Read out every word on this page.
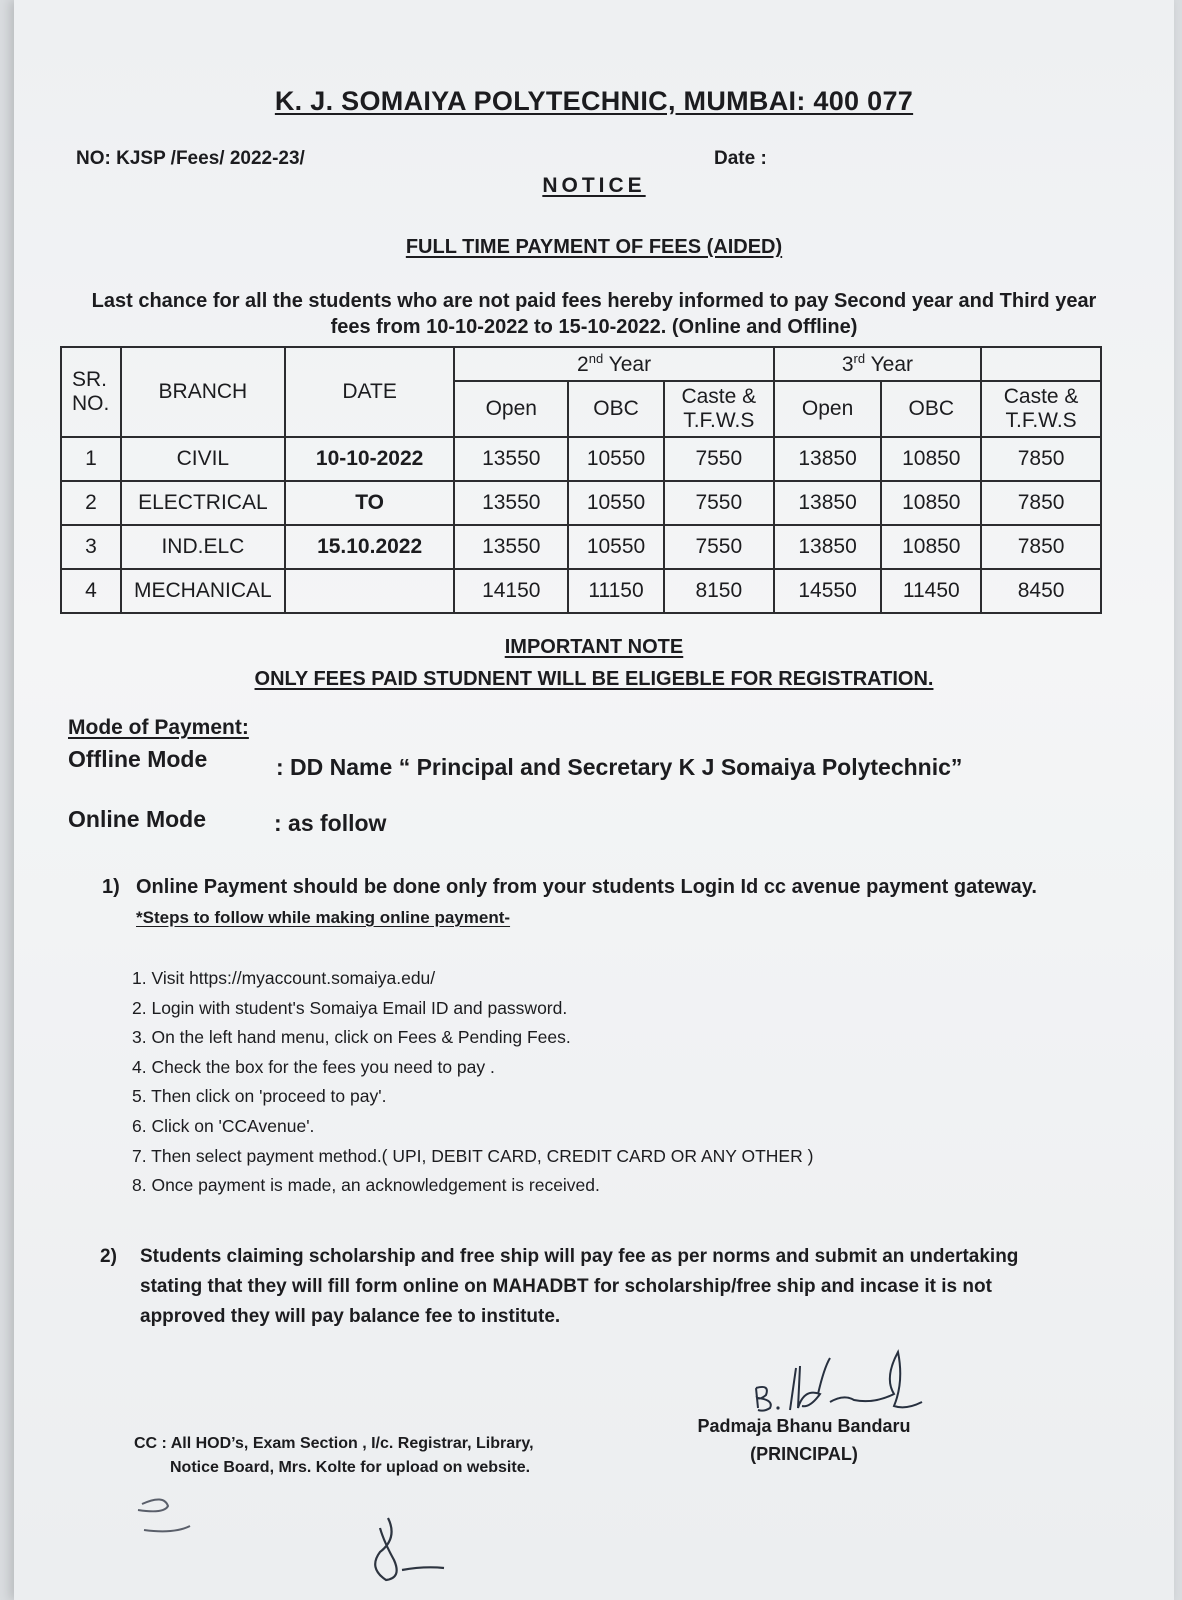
K. J. SOMAIYA POLYTECHNIC, MUMBAI: 400 077
NO: KJSP /Fees/ 2022-23/	Date :
NOTICE
FULL TIME PAYMENT OF FEES (AIDED)
Last chance for all the students who are not paid fees hereby informed to pay Second year and Third year fees from 10-10-2022 to 15-10-2022. (Online and Offline)
SR. NO.	BRANCH	DATE	2nd Year			3rd Year		
			Open	OBC	Caste & T.F.W.S	Open	OBC	Caste & T.F.W.S
1	CIVIL	10-10-2022	13550	10550	7550	13850	10850	7850
2	ELECTRICAL	TO	13550	10550	7550	13850	10850	7850
3	IND.ELC	15.10.2022	13550	10550	7550	13850	10850	7850
4	MECHANICAL		14150	11150	8150	14550	11450	8450
IMPORTANT NOTE
ONLY FEES PAID STUDNENT WILL BE ELIGEBLE FOR REGISTRATION.
Mode of Payment:
Offline Mode	: DD Name “ Principal and Secretary K J Somaiya Polytechnic”
Online Mode	: as follow
1) Online Payment should be done only from your students Login Id cc avenue payment gateway.
*Steps to follow while making online payment-
1. Visit https://myaccount.somaiya.edu/
2. Login with student's Somaiya Email ID and password.
3. On the left hand menu, click on Fees & Pending Fees.
4. Check the box for the fees you need to pay .
5. Then click on 'proceed to pay'.
6. Click on 'CCAvenue'.
7. Then select payment method.( UPI, DEBIT CARD, CREDIT CARD OR ANY OTHER )
8. Once payment is made, an acknowledgement is received.
2) Students claiming scholarship and free ship will pay fee as per norms and submit an undertaking stating that they will fill form online on MAHADBT for scholarship/free ship and incase it is not approved they will pay balance fee to institute.
Padmaja Bhanu Bandaru
(PRINCIPAL)
CC : All HOD’s, Exam Section , I/c. Registrar, Library,
Notice Board, Mrs. Kolte for upload on website.
